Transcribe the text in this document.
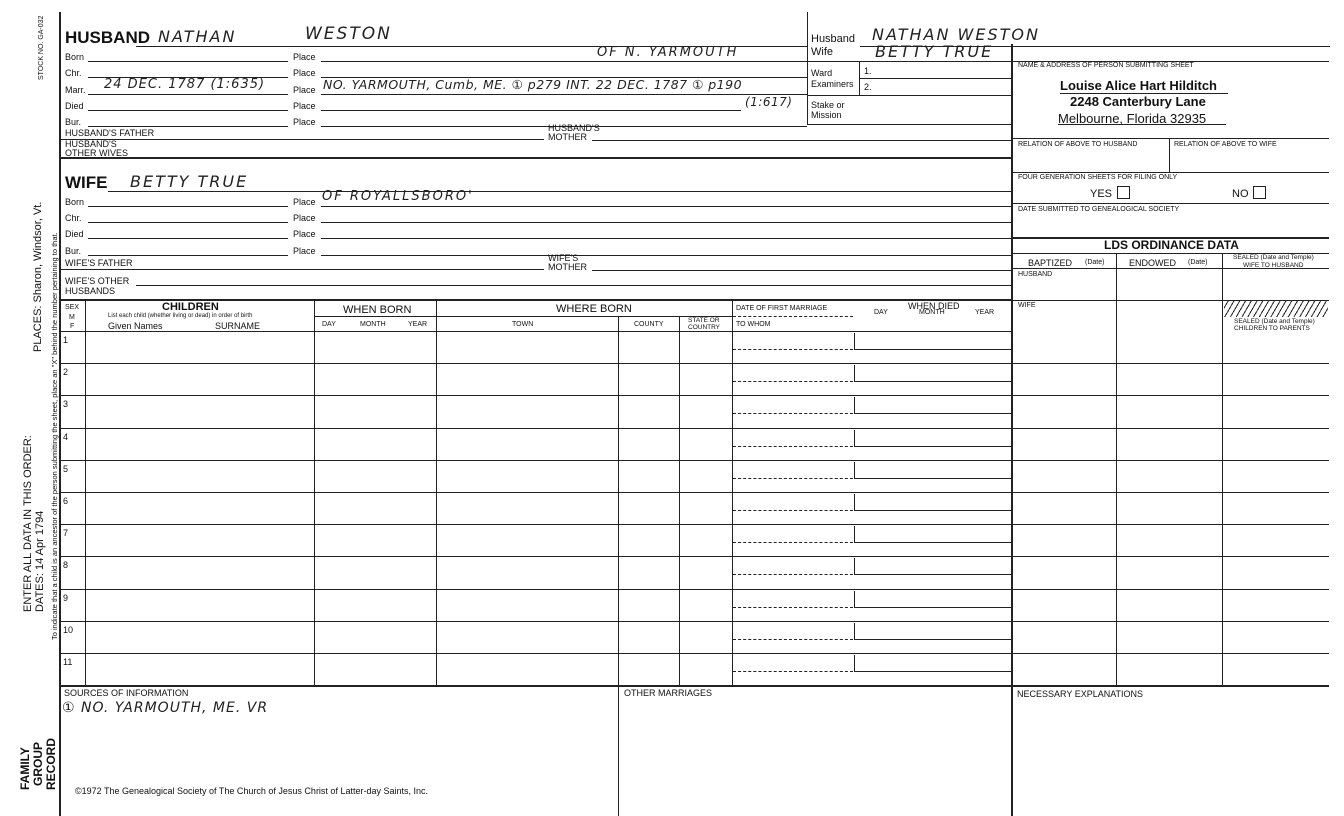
STOCK NO. GA-032
PLACES: Sharon, Windsor, Vt. To indicate that a child is an ancestor of the person submitting the sheet, place an "X" behind the number pertaining to that.
ENTER ALL DATA IN THIS ORDER: DATES: 14 Apr 1794
FAMILY GROUP RECORD
HUSBAND NATHAN	WESTON
Born	Place	OF N. YARMOUTH
Chr.	Place
Marr. 24 DEC. 1787 (1:635)	Place NO. YARMOUTH, Cumb, ME. ① p279 INT. 22 DEC. 1787 ① p190
(1:617)
Died	Place
Bur.	Place
HUSBAND'S FATHER	HUSBAND'S
MOTHER
HUSBAND'S
OTHER WIVES
Husband NATHAN WESTON
Wife	BETTY TRUE
Ward	1.
Examiners 2.
Stake or
Mission
NAME & ADDRESS OF PERSON SUBMITTING SHEET
Louise Alice Hart Hilditch
2248 Canterbury Lane
Melbourne, Florida 32935
RELATION OF ABOVE TO HUSBAND	RELATION OF ABOVE TO WIFE
FOUR GENERATION SHEETS FOR FILING ONLY
YES	NO
DATE SUBMITTED TO GENEALOGICAL SOCIETY
LDS ORDINANCE DATA
BAPTIZED (Date)	ENDOWED (Date)
SEALED (Date and Temple)
WIFE TO HUSBAND
HUSBAND
WIFE
SEALED (Date and Temple)
CHILDREN TO PARENTS
WIFE BETTY TRUE
Born	Place OF ROYALLSBORO'
Chr.	Place
Died	Place
Bur.	Place
WIFE'S FATHER	WIFE'S
MOTHER
WIFE'S OTHER
HUSBANDS
SEX
M
F
CHILDREN
List each child (whether living or dead) in order of birth
Given Names	SURNAME
WHEN BORN
DAY	MONTH	YEAR
WHERE BORN
TOWN	COUNTY
STATE OR
COUNTRY
DATE OF FIRST MARRIAGE
TO WHOM
WHEN DIED
DAY	MONTH	YEAR
1
2
3
4
5
6
7
8
9
10
11
SOURCES OF INFORMATION
① NO. YARMOUTH, ME. VR
OTHER MARRIAGES	NECESSARY EXPLANATIONS
©1972 The Genealogical Society of The Church of Jesus Christ of Latter-day Saints, Inc.
